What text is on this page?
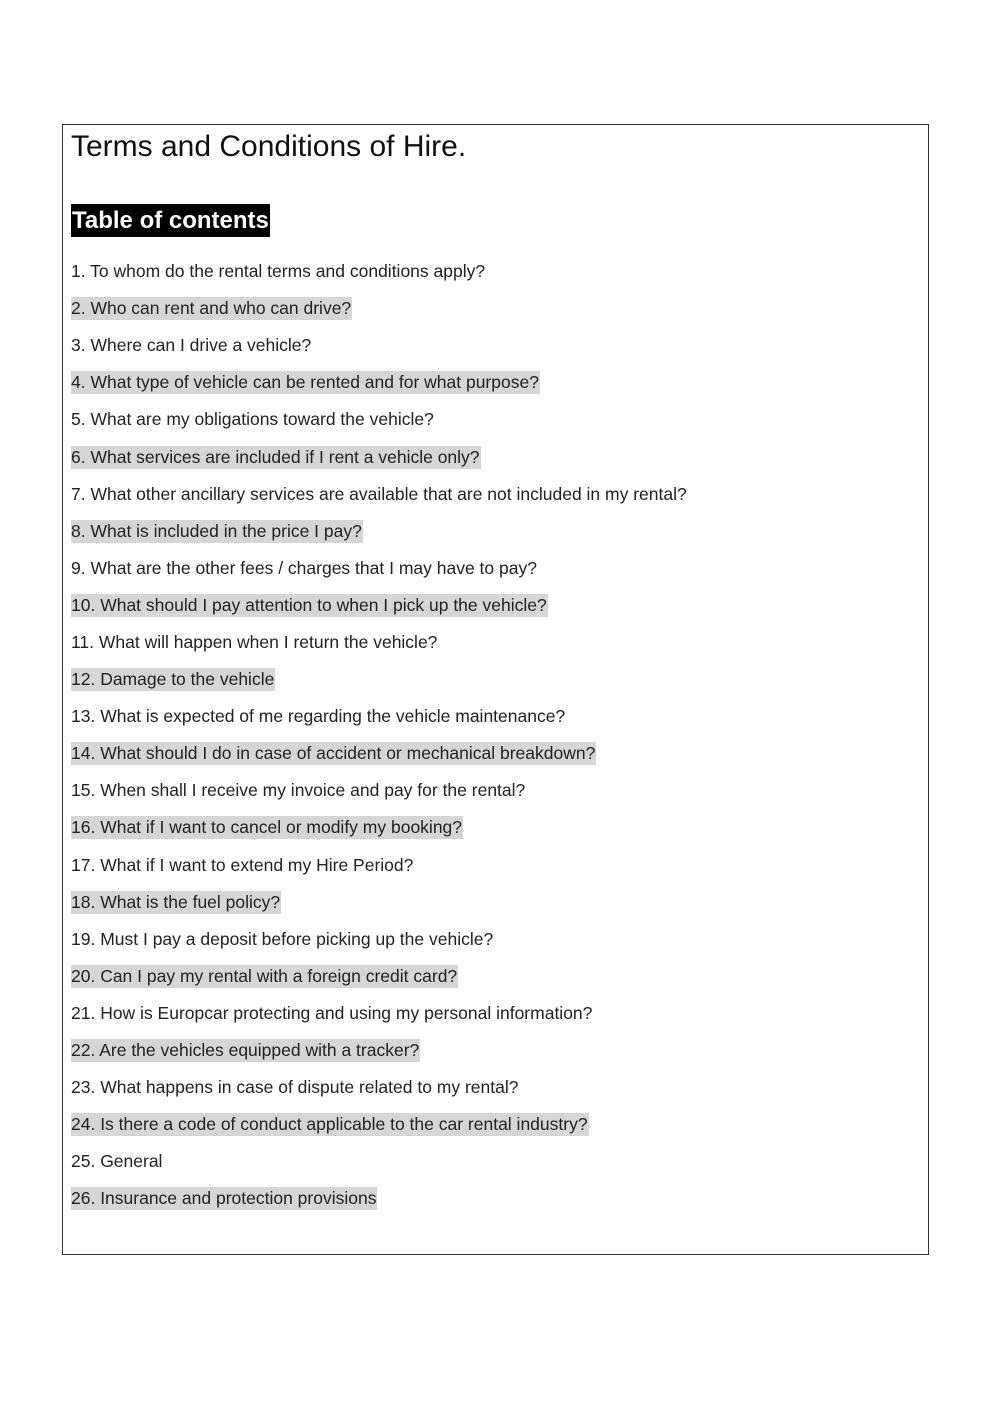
Terms and Conditions of Hire.
Table of contents
1. To whom do the rental terms and conditions apply?
2. Who can rent and who can drive?
3. Where can I drive a vehicle?
4. What type of vehicle can be rented and for what purpose?
5. What are my obligations toward the vehicle?
6. What services are included if I rent a vehicle only?
7. What other ancillary services are available that are not included in my rental?
8. What is included in the price I pay?
9. What are the other fees / charges that I may have to pay?
10. What should I pay attention to when I pick up the vehicle?
11. What will happen when I return the vehicle?
12. Damage to the vehicle
13. What is expected of me regarding the vehicle maintenance?
14. What should I do in case of accident or mechanical breakdown?
15. When shall I receive my invoice and pay for the rental?
16. What if I want to cancel or modify my booking?
17. What if I want to extend my Hire Period?
18. What is the fuel policy?
19. Must I pay a deposit before picking up the vehicle?
20. Can I pay my rental with a foreign credit card?
21. How is Europcar protecting and using my personal information?
22. Are the vehicles equipped with a tracker?
23. What happens in case of dispute related to my rental?
24. Is there a code of conduct applicable to the car rental industry?
25. General
26. Insurance and protection provisions
